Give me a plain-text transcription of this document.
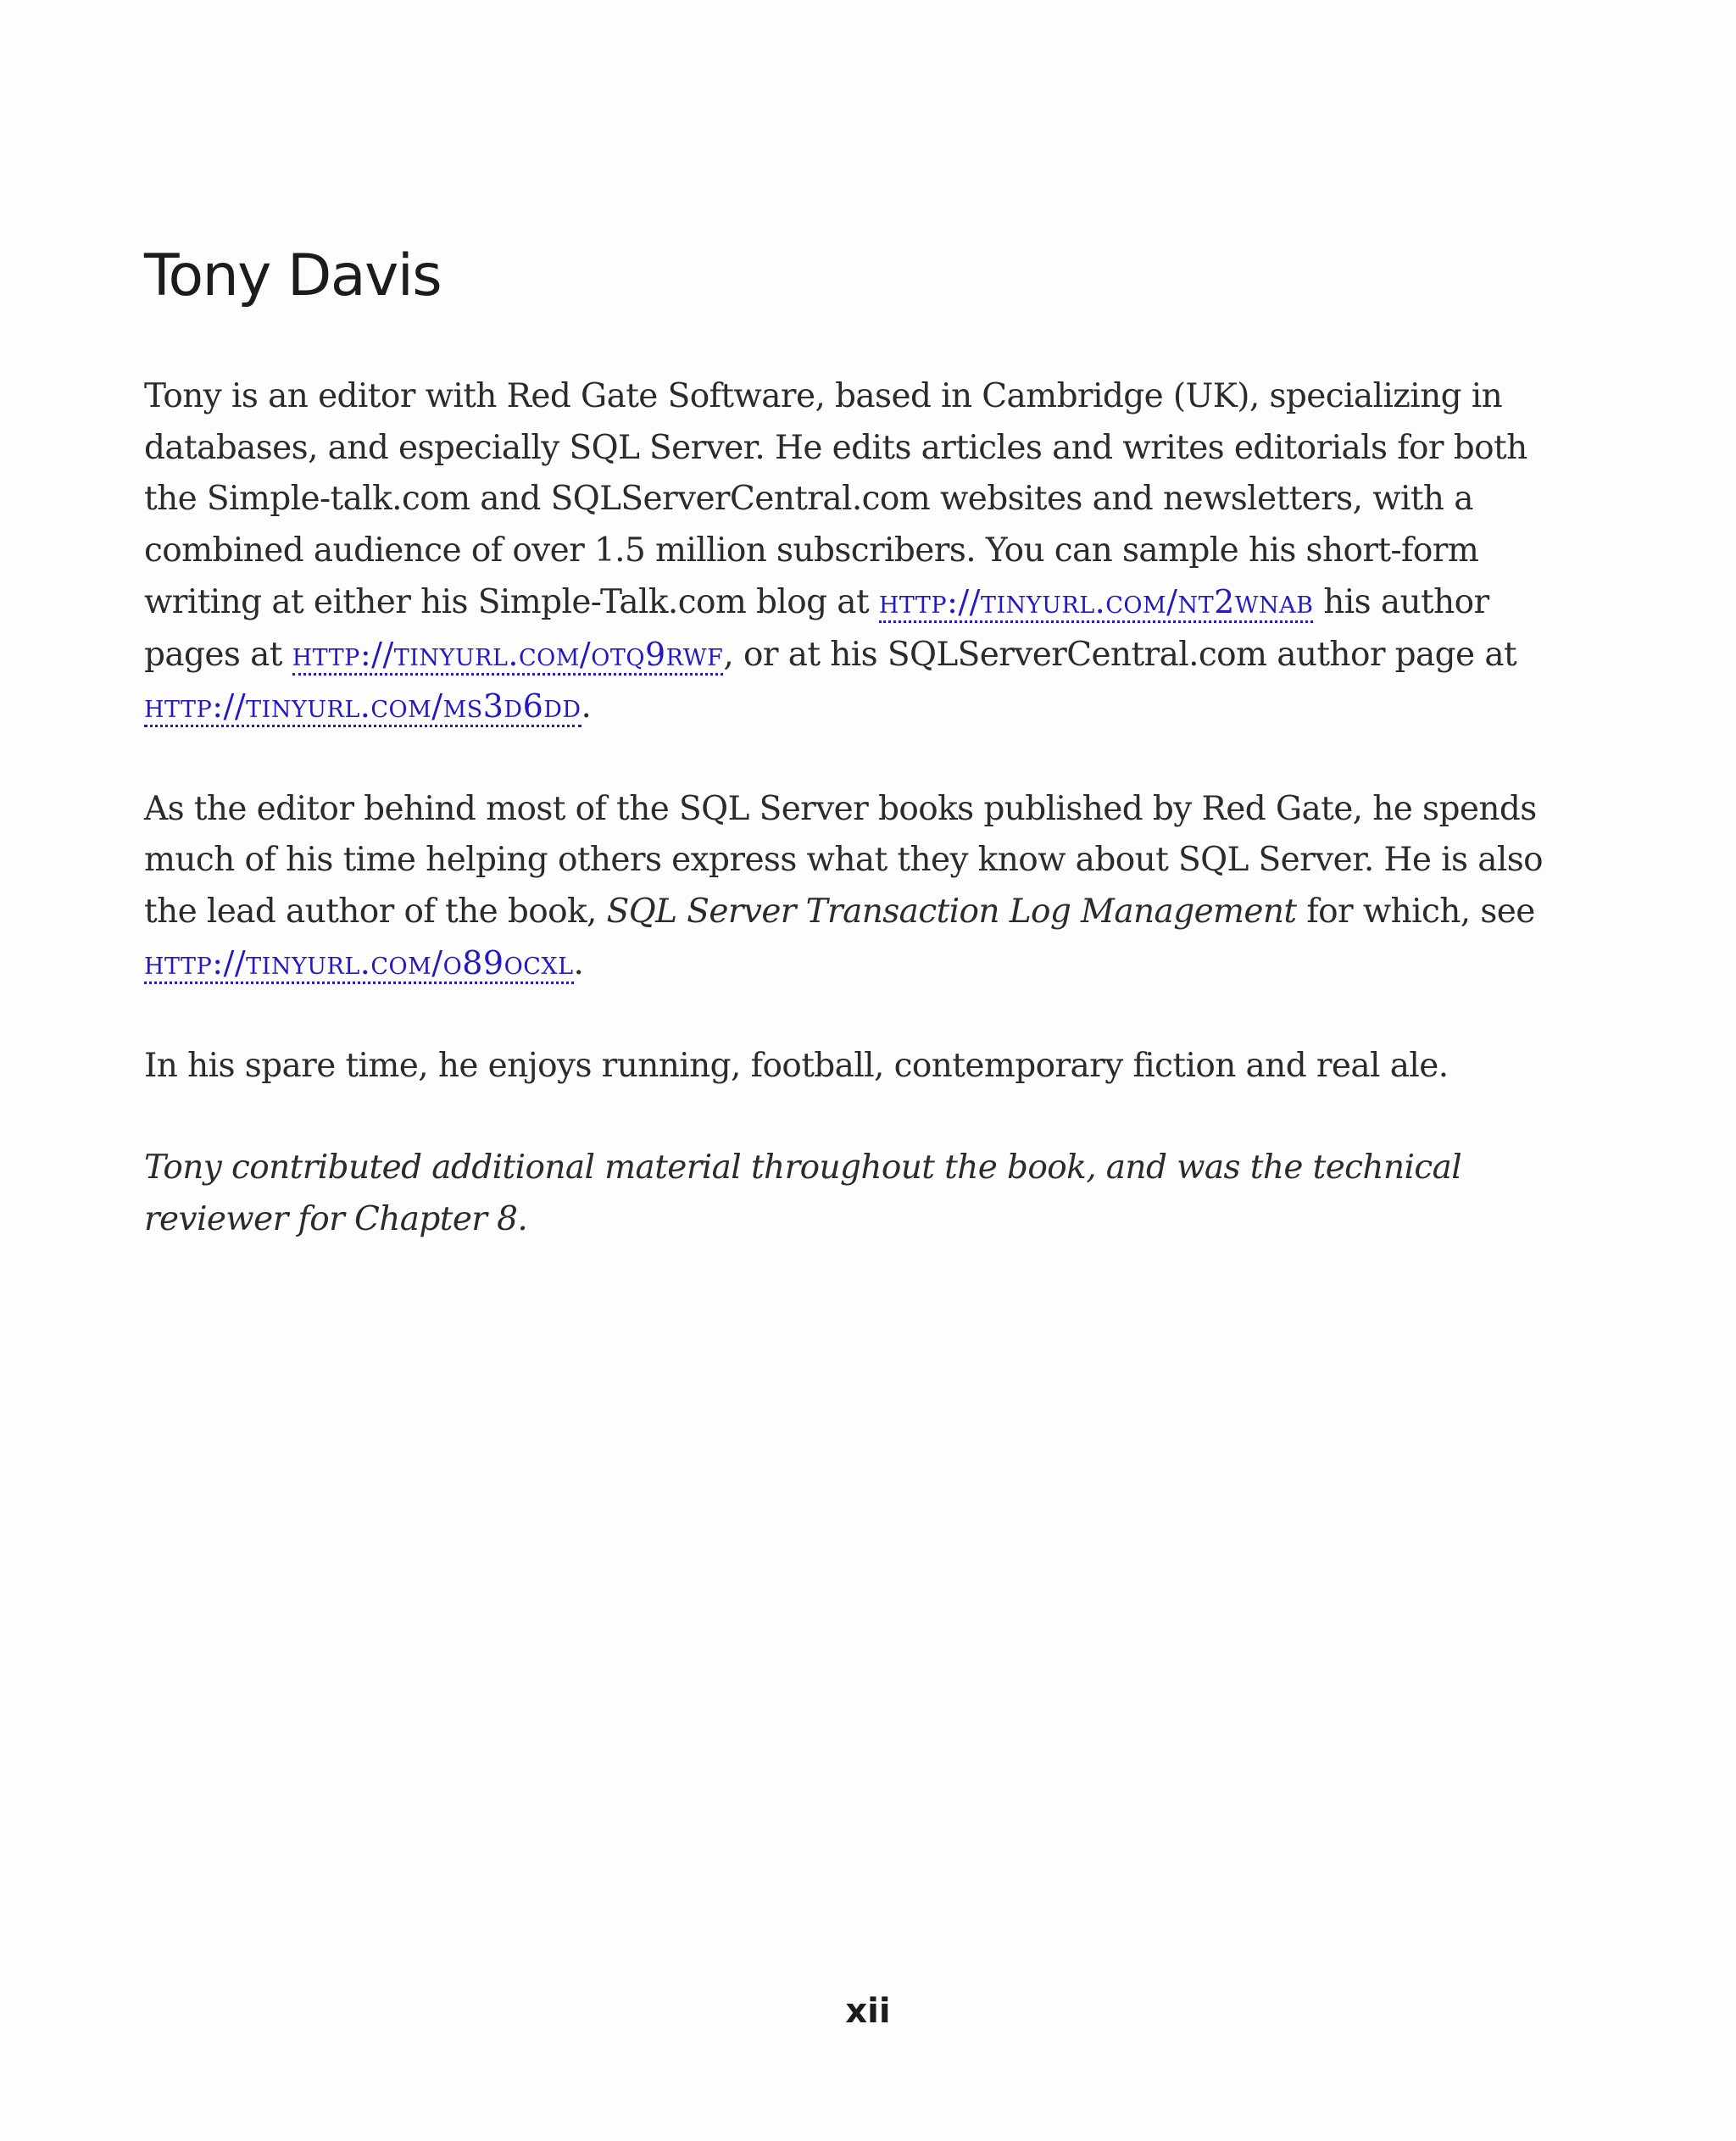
Tony Davis

Tony is an editor with Red Gate Software, based in Cambridge (UK), specializing in databases, and especially SQL Server. He edits articles and writes editorials for both the Simple-talk.com and SQLServerCentral.com websites and newsletters, with a combined audience of over 1.5 million subscribers. You can sample his short-form writing at either his Simple-Talk.com blog at http://tinyurl.com/nt2wnab his author pages at http://tinyurl.com/otq9rwf, or at his SQLServerCentral.com author page at http://tinyurl.com/ms3d6dd.

As the editor behind most of the SQL Server books published by Red Gate, he spends much of his time helping others express what they know about SQL Server. He is also the lead author of the book, SQL Server Transaction Log Management for which, see http://tinyurl.com/o89ocxl.

In his spare time, he enjoys running, football, contemporary fiction and real ale.

Tony contributed additional material throughout the book, and was the technical reviewer for Chapter 8.

xii
